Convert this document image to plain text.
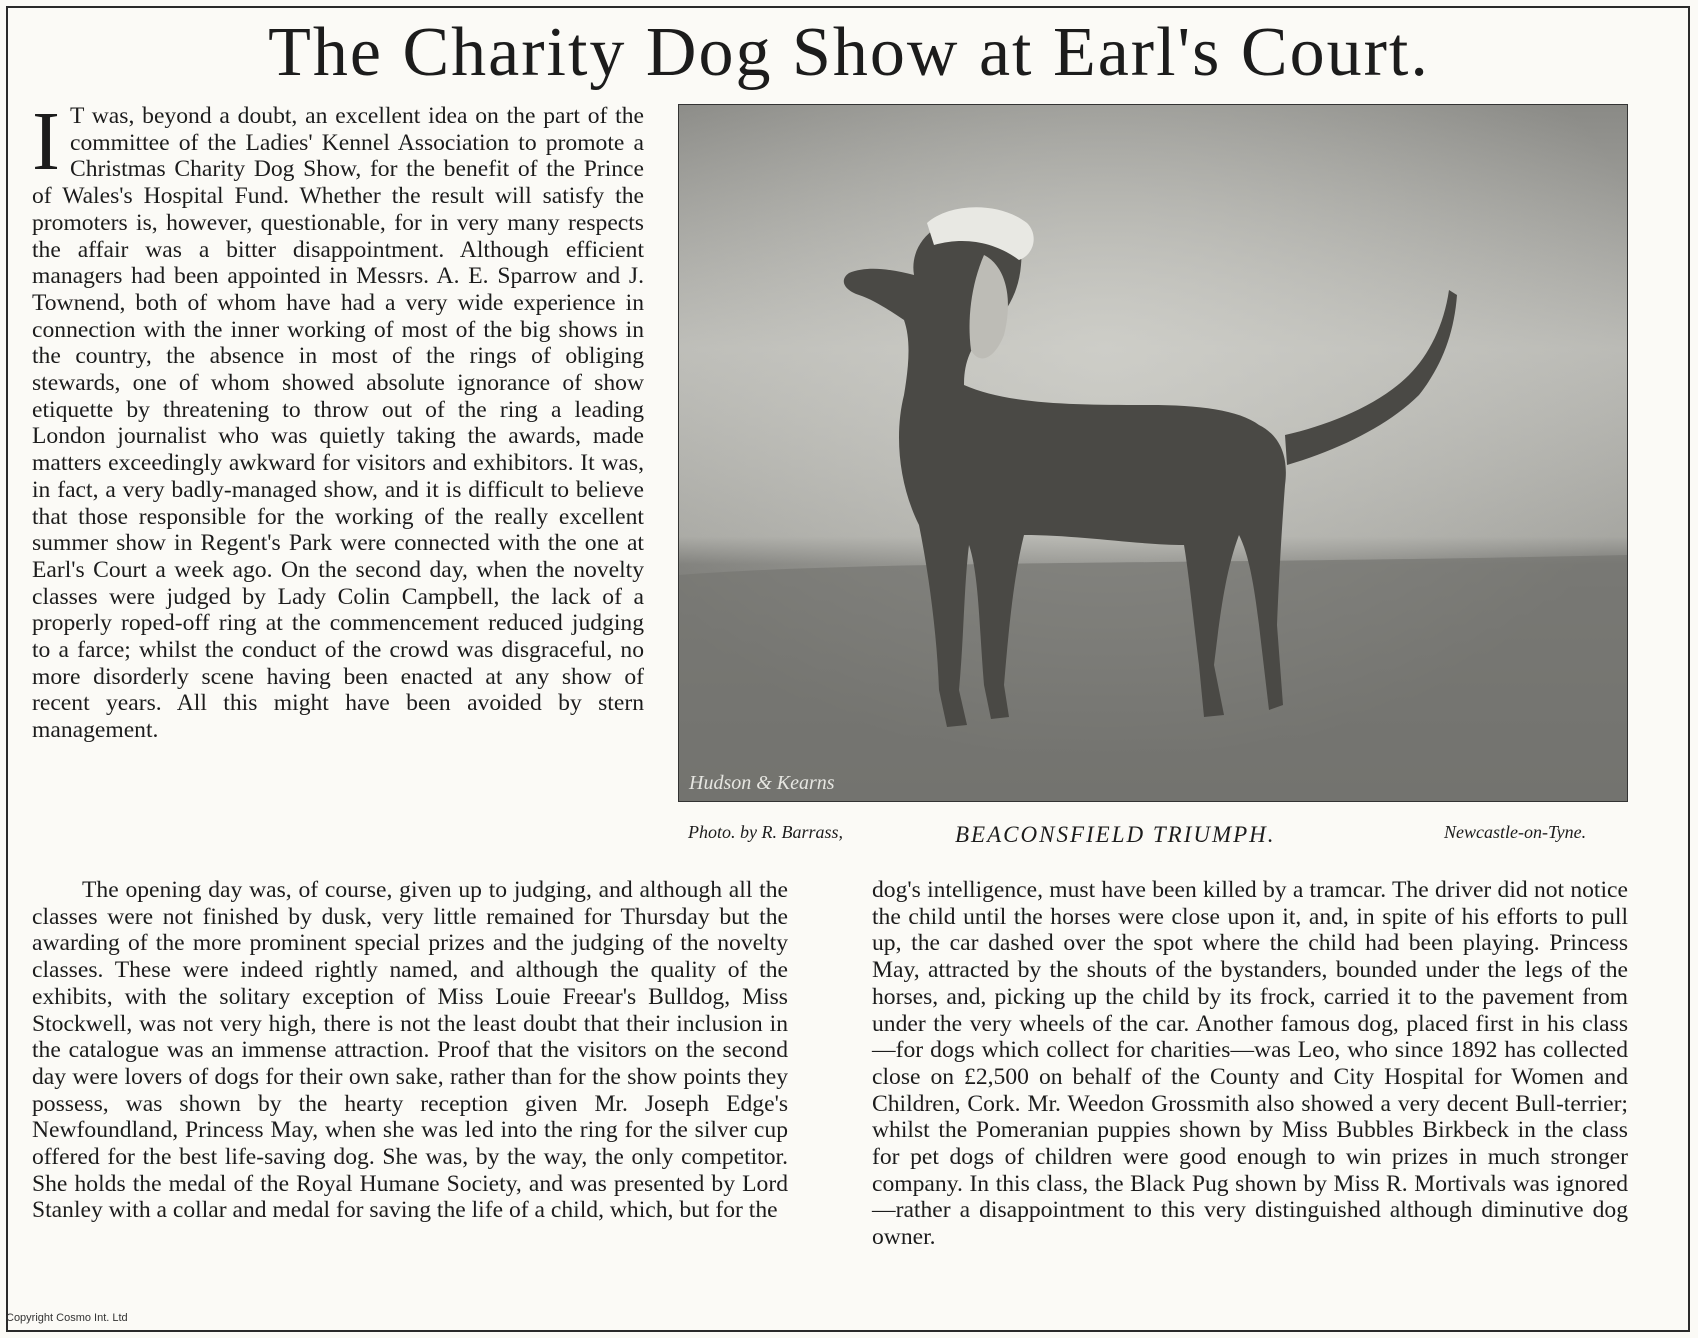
The Charity Dog Show at Earl's Court.

I T was, beyond a doubt, an excellent idea on the part of the committee of the Ladies' Kennel Association to promote a Christmas Charity Dog Show, for the benefit of the Prince of Wales's Hospital Fund. Whether the result will satisfy the promoters is, however, questionable, for in very many respects the affair was a bitter disappointment. Although efficient managers had been appointed in Messrs. A. E. Sparrow and J. Townend, both of whom have had a very wide experience in connection with the inner working of most of the big shows in the country, the absence in most of the rings of obliging stewards, one of whom showed absolute ignorance of show etiquette by threatening to throw out of the ring a leading London journalist who was quietly taking the awards, made matters exceedingly awkward for visitors and exhibitors. It was, in fact, a very badly-managed show, and it is difficult to believe that those responsible for the working of the really excellent summer show in Regent's Park were connected with the one at Earl's Court a week ago. On the second day, when the novelty classes were judged by Lady Colin Campbell, the lack of a properly roped-off ring at the commencement reduced judging to a farce; whilst the conduct of the crowd was disgraceful, no more disorderly scene having been enacted at any show of recent years. All this might have been avoided by stern management.

Hudson & Kearns
Photo. by R. Barrass,	BEACONSFIELD TRIUMPH.	Newcastle-on-Tyne.

The opening day was, of course, given up to judging, and although all the classes were not finished by dusk, very little remained for Thursday but the awarding of the more prominent special prizes and the judging of the novelty classes. These were indeed rightly named, and although the quality of the exhibits, with the solitary exception of Miss Louie Freear's Bulldog, Miss Stockwell, was not very high, there is not the least doubt that their inclusion in the catalogue was an immense attraction. Proof that the visitors on the second day were lovers of dogs for their own sake, rather than for the show points they possess, was shown by the hearty reception given Mr. Joseph Edge's Newfoundland, Princess May, when she was led into the ring for the silver cup offered for the best life-saving dog. She was, by the way, the only competitor. She holds the medal of the Royal Humane Society, and was presented by Lord Stanley with a collar and medal for saving the life of a child, which, but for the

dog's intelligence, must have been killed by a tramcar. The driver did not notice the child until the horses were close upon it, and, in spite of his efforts to pull up, the car dashed over the spot where the child had been playing. Princess May, attracted by the shouts of the bystanders, bounded under the legs of the horses, and, picking up the child by its frock, carried it to the pavement from under the very wheels of the car. Another famous dog, placed first in his class—for dogs which collect for charities—was Leo, who since 1892 has collected close on £2,500 on behalf of the County and City Hospital for Women and Children, Cork. Mr. Weedon Grossmith also showed a very decent Bull-terrier; whilst the Pomeranian puppies shown by Miss Bubbles Birkbeck in the class for pet dogs of children were good enough to win prizes in much stronger company. In this class, the Black Pug shown by Miss R. Mortivals was ignored—rather a disappointment to this very distinguished although diminutive dog owner.

Copyright Cosmo Int. Ltd
